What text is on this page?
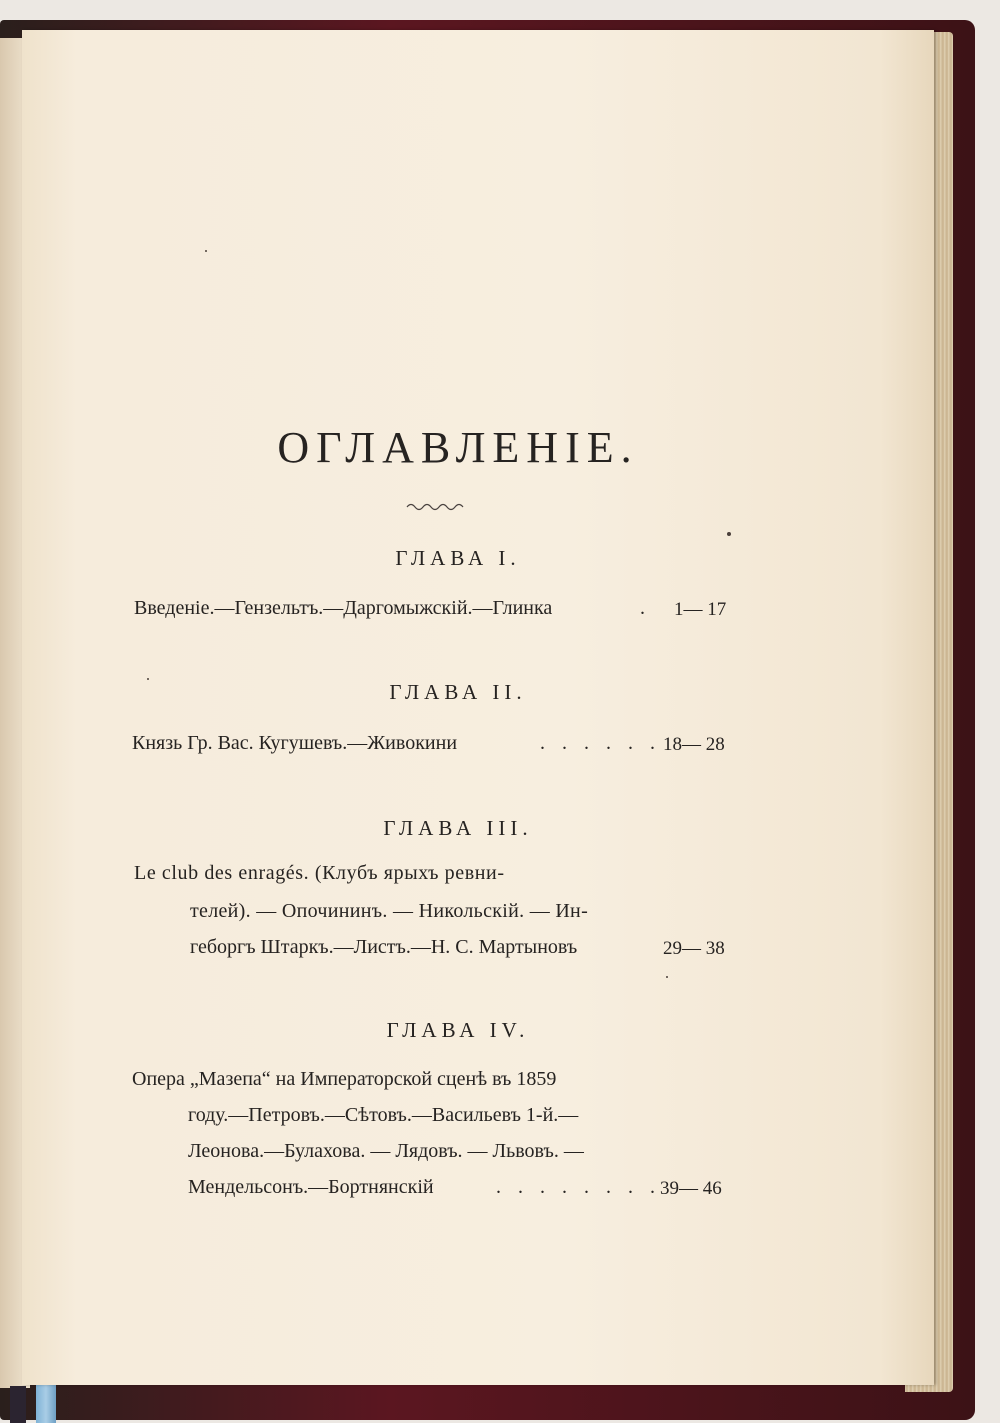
ОГЛАВЛЕНІЕ.
ГЛАВА I.
Введеніе.—Гензельтъ.—Даргомыжскій.—Глинка	. 1— 17
ГЛАВА II.
Князь Гр. Вас. Кугушевъ.—Живокини	. . . . . . 18— 28
ГЛАВА III.
Le club des enragés. (Клубъ ярыхъ ревни-
телей). — Опочининъ. — Никольскій. — Ин-
геборгъ Штаркъ.—Листъ.—Н. С. Мартыновъ	29— 38
ГЛАВА IV.
Опера „Мазепа“ на Императорской сценѣ въ 1859
году.—Петровъ.—Сѣтовъ.—Васильевъ 1-й.—
Леонова.—Булахова. — Лядовъ. — Львовъ. —
Мендельсонъ.—Бортнянскій	. . . . . . . . 39— 46
